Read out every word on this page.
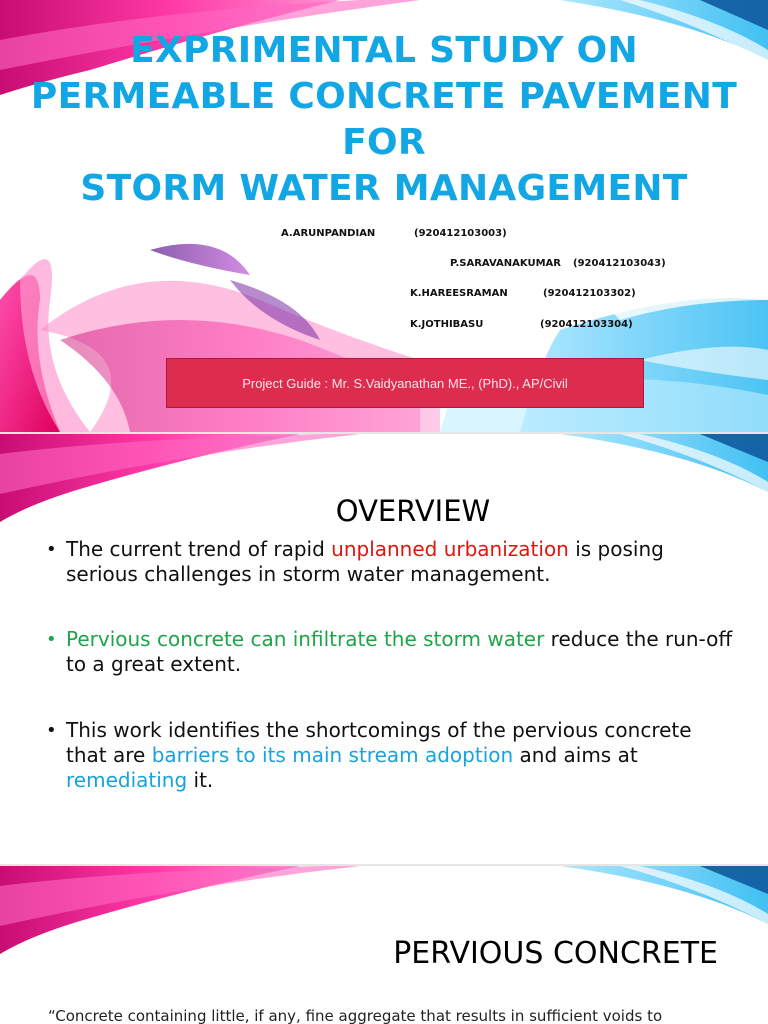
EXPRIMENTAL STUDY ON
PERMEABLE CONCRETE PAVEMENT
FOR
STORM WATER MANAGEMENT
A.ARUNPANDIAN	(920412103003)
P.SARAVANAKUMAR (920412103043)
K.HAREESRAMAN	(920412103302)
K.JOTHIBASU	(920412103304)
Project Guide : Mr. S.Vaidyanathan ME., (PhD)., AP/Civil
OVERVIEW
• The current trend of rapid unplanned urbanization is posing serious challenges in storm water management.
• Pervious concrete can infiltrate the storm water reduce the run-off to a great extent.
• This work identifies the shortcomings of the pervious concrete that are barriers to its main stream adoption and aims at remediating it.
PERVIOUS CONCRETE

“Concrete containing little, if any, fine aggregate that results in sufficient voids to
